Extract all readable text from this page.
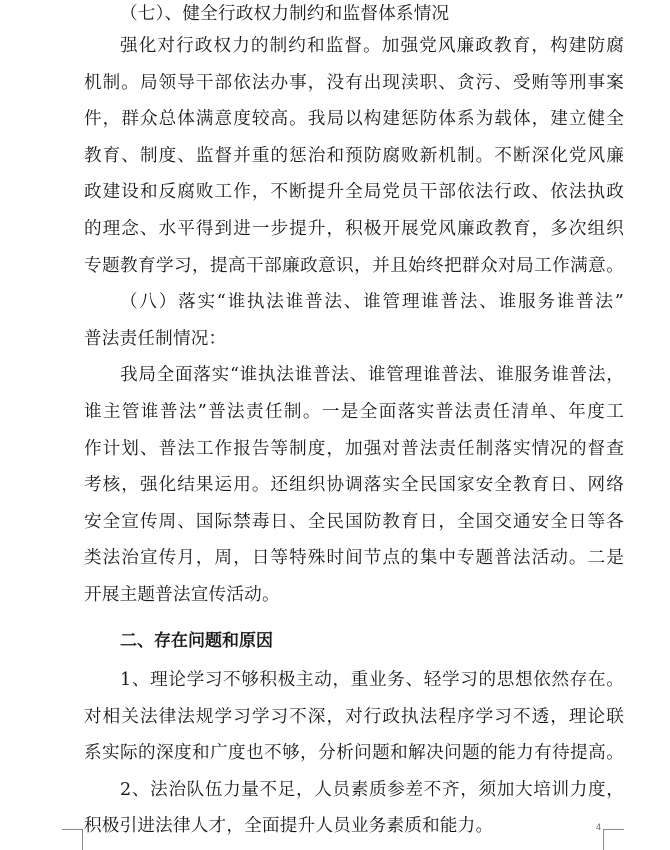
（七）、健全行政权力制约和监督体系情况
强化对行政权力的制约和监督。加强党风廉政教育，构建防腐
机制。局领导干部依法办事，没有出现渎职、贪污、受贿等刑事案
件，群众总体满意度较高。我局以构建惩防体系为载体，建立健全
教育、制度、监督并重的惩治和预防腐败新机制。不断深化党风廉
政建设和反腐败工作，不断提升全局党员干部依法行政、依法执政
的理念、水平得到进一步提升，积极开展党风廉政教育，多次组织
专题教育学习，提高干部廉政意识，并且始终把群众对局工作满意。
（八）落实“谁执法谁普法、谁管理谁普法、谁服务谁普法”
普法责任制情况：
我局全面落实“谁执法谁普法、谁管理谁普法、谁服务谁普法，
谁主管谁普法”普法责任制。一是全面落实普法责任清单、年度工
作计划、普法工作报告等制度，加强对普法责任制落实情况的督查
考核，强化结果运用。还组织协调落实全民国家安全教育日、网络
安全宣传周、国际禁毒日、全民国防教育日，全国交通安全日等各
类法治宣传月，周，日等特殊时间节点的集中专题普法活动。二是
开展主题普法宣传活动。
二、存在问题和原因
1、理论学习不够积极主动，重业务、轻学习的思想依然存在。
对相关法律法规学习学习不深，对行政执法程序学习不透，理论联
系实际的深度和广度也不够，分析问题和解决问题的能力有待提高。
2、法治队伍力量不足，人员素质参差不齐，须加大培训力度，
积极引进法律人才，全面提升人员业务素质和能力。	4
